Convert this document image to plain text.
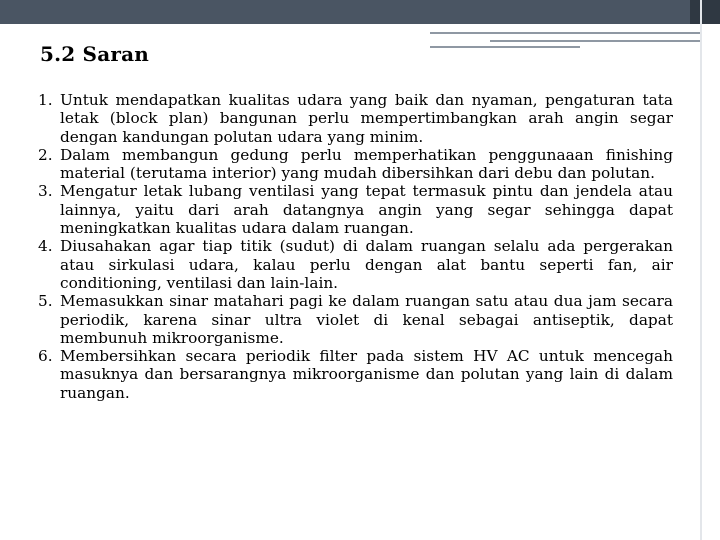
5.2 Saran
1. Untuk mendapatkan kualitas udara yang baik dan nyaman, pengaturan tata letak (block plan) bangunan perlu mempertimbangkan arah angin segar dengan kandungan polutan udara yang minim.
2. Dalam membangun gedung perlu memperhatikan penggunaaan finishing material (terutama interior) yang mudah dibersihkan dari debu dan polutan.
3. Mengatur letak lubang ventilasi yang tepat termasuk pintu dan jendela atau lainnya, yaitu dari arah datangnya angin yang segar sehingga dapat meningkatkan kualitas udara dalam ruangan.
4. Diusahakan agar tiap titik (sudut) di dalam ruangan selalu ada pergerakan atau sirkulasi udara, kalau perlu dengan alat bantu seperti fan, air conditioning, ventilasi dan lain-lain.
5. Memasukkan sinar matahari pagi ke dalam ruangan satu atau dua jam secara periodik, karena sinar ultra violet di kenal sebagai antiseptik, dapat membunuh mikroorganisme.
6. Membersihkan secara periodik filter pada sistem HV AC untuk mencegah masuknya dan bersarangnya mikroorganisme dan polutan yang lain di dalam ruangan.
